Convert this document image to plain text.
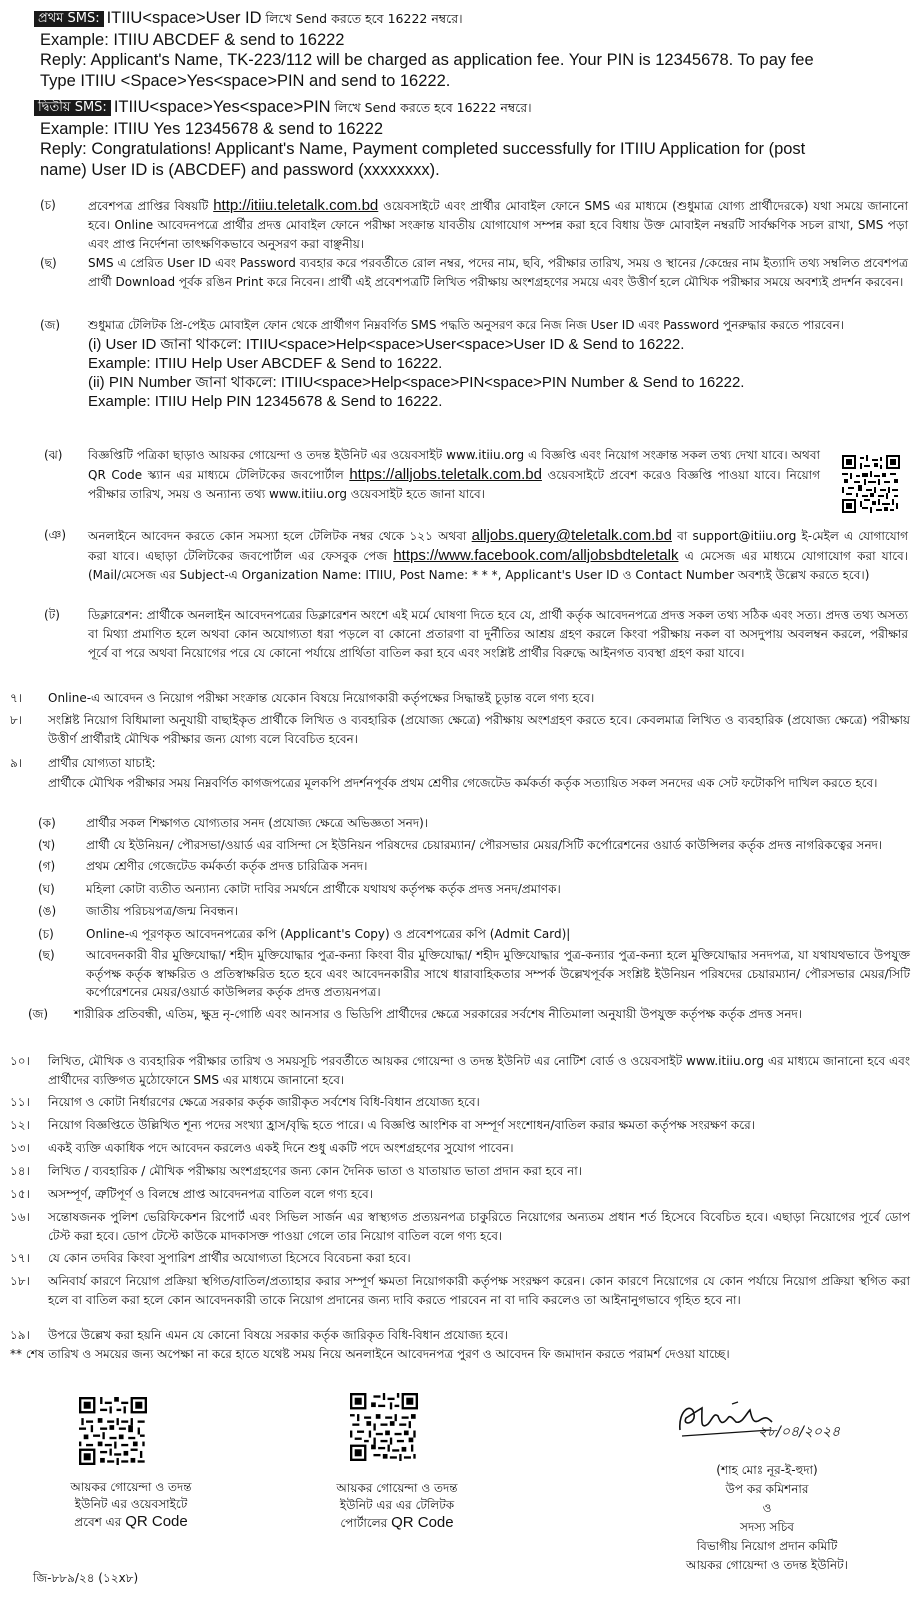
প্রথম SMS: ITIIU<space>User ID লিখে Send করতে হবে 16222 নম্বরে।
Example: ITIIU ABCDEF & send to 16222
Reply: Applicant's Name, TK-223/112 will be charged as application fee. Your PIN is 12345678. To pay fee
Type ITIIU <Space>Yes<space>PIN and send to 16222.
দ্বিতীয় SMS: ITIIU<space>Yes<space>PIN লিখে Send করতে হবে 16222 নম্বরে।
Example: ITIIU Yes 12345678 & send to 16222
Reply: Congratulations! Applicant's Name, Payment completed successfully for ITIIU Application for (post
name) User ID is (ABCDEF) and password (xxxxxxxx).
(চ)	প্রবেশপত্র প্রাপ্তির বিষয়টি http://itiiu.teletalk.com.bd ওয়েবসাইটে এবং প্রার্থীর মোবাইল ফোনে SMS এর মাধ্যমে (শুধুমাত্র যোগ্য প্রার্থীদেরকে) যথা সময়ে জানানো হবে। Online আবেদনপত্রে প্রার্থীর প্রদত্ত মোবাইল ফোনে পরীক্ষা সংক্রান্ত যাবতীয় যোগাযোগ সম্পন্ন করা হবে বিধায় উক্ত মোবাইল নম্বরটি সার্বক্ষণিক সচল রাখা, SMS পড়া এবং প্রাপ্ত নির্দেশনা তাৎক্ষণিকভাবে অনুসরণ করা বাঞ্ছনীয়।
(ছ)	SMS এ প্রেরিত User ID এবং Password ব্যবহার করে পরবর্তীতে রোল নম্বর, পদের নাম, ছবি, পরীক্ষার তারিখ, সময় ও স্থানের /কেন্দ্রের নাম ইত্যাদি তথ্য সম্বলিত প্রবেশপত্র প্রার্থী Download পূর্বক রঙিন Print করে নিবেন। প্রার্থী এই প্রবেশপত্রটি লিখিত পরীক্ষায় অংশগ্রহণের সময়ে এবং উত্তীর্ণ হলে মৌখিক পরীক্ষার সময়ে অবশ্যই প্রদর্শন করবেন।
(জ) শুধুমাত্র টেলিটক প্রি-পেইড মোবাইল ফোন থেকে প্রার্থীগণ নিম্নবর্ণিত SMS পদ্ধতি অনুসরণ করে নিজ নিজ User ID এবং Password পুনরুদ্ধার করতে পারবেন।
(i) User ID জানা থাকলে: ITIIU<space>Help<space>User<space>User ID & Send to 16222.
Example: ITIIU Help User ABCDEF & Send to 16222.
(ii) PIN Number জানা থাকলে: ITIIU<space>Help<space>PIN<space>PIN Number & Send to 16222.
Example: ITIIU Help PIN 12345678 & Send to 16222.
(ঝ) বিজ্ঞপ্তিটি পত্রিকা ছাড়াও আয়কর গোয়েন্দা ও তদন্ত ইউনিট এর ওয়েবসাইট www.itiiu.org এ বিজ্ঞপ্তি এবং নিয়োগ সংক্রান্ত সকল তথ্য দেখা যাবে। অথবা QR Code স্ক্যান এর মাধ্যমে টেলিটকের জবপোর্টাল https://alljobs.teletalk.com.bd ওয়েবসাইটে প্রবেশ করেও বিজ্ঞপ্তি পাওয়া যাবে। নিয়োগ পরীক্ষার তারিখ, সময় ও অন্যান্য তথ্য www.itiiu.org ওয়েবসাইট হতে জানা যাবে।
(ঞ) অনলাইনে আবেদন করতে কোন সমস্যা হলে টেলিটক নম্বর থেকে ১২১ অথবা alljobs.query@teletalk.com.bd বা support@itiiu.org ই-মেইল এ যোগাযোগ করা যাবে। এছাড়া টেলিটকের জবপোর্টাল এর ফেসবুক পেজ https://www.facebook.com/alljobsbdteletalk এ মেসেজ এর মাধ্যমে যোগাযোগ করা যাবে। (Mail/মেসেজ এর Subject-এ Organization Name: ITIIU, Post Name: * * *, Applicant's User ID ও Contact Number অবশ্যই উল্লেখ করতে হবে।)
(ট) ডিক্লারেশন: প্রার্থীকে অনলাইন আবেদনপত্রের ডিক্লারেশন অংশে এই মর্মে ঘোষণা দিতে হবে যে, প্রার্থী কর্তৃক আবেদনপত্রে প্রদত্ত সকল তথ্য সঠিক এবং সত্য। প্রদত্ত তথ্য অসত্য বা মিথ্যা প্রমাণিত হলে অথবা কোন অযোগ্যতা ধরা পড়লে বা কোনো প্রতারণা বা দুর্নীতির আশ্রয় গ্রহণ করলে কিংবা পরীক্ষায় নকল বা অসদুপায় অবলম্বন করলে, পরীক্ষার পূর্বে বা পরে অথবা নিয়োগের পরে যে কোনো পর্যায়ে প্রার্থিতা বাতিল করা হবে এবং সংশ্লিষ্ট প্রার্থীর বিরুদ্ধে আইনগত ব্যবস্থা গ্রহণ করা যাবে।
৭। Online-এ আবেদন ও নিয়োগ পরীক্ষা সংক্রান্ত যেকোন বিষয়ে নিয়োগকারী কর্তৃপক্ষের সিদ্ধান্তই চূড়ান্ত বলে গণ্য হবে।
৮। সংশ্লিষ্ট নিয়োগ বিধিমালা অনুযায়ী বাছাইকৃত প্রার্থীকে লিখিত ও ব্যবহারিক (প্রযোজ্য ক্ষেত্রে) পরীক্ষায় অংশগ্রহণ করতে হবে। কেবলমাত্র লিখিত ও ব্যবহারিক (প্রযোজ্য ক্ষেত্রে) পরীক্ষায় উত্তীর্ণ প্রার্থীরাই মৌখিক পরীক্ষার জন্য যোগ্য বলে বিবেচিত হবেন।
৯। প্রার্থীর যোগ্যতা যাচাই:
প্রার্থীকে মৌখিক পরীক্ষার সময় নিম্নবর্ণিত কাগজপত্রের মূলকপি প্রদর্শনপূর্বক প্রথম শ্রেণীর গেজেটেড কর্মকর্তা কর্তৃক সত্যায়িত সকল সনদের এক সেট ফটোকপি দাখিল করতে হবে।
(ক)	প্রার্থীর সকল শিক্ষাগত যোগ্যতার সনদ (প্রযোজ্য ক্ষেত্রে অভিজ্ঞতা সনদ)।
(খ)	প্রার্থী যে ইউনিয়ন/ পৌরসভা/ওয়ার্ড এর বাসিন্দা সে ইউনিয়ন পরিষদের চেয়ারম্যান/ পৌরসভার মেয়র/সিটি কর্পোরেশনের ওয়ার্ড কাউন্সিলর কর্তৃক প্রদত্ত নাগরিকত্বের সনদ।
(গ)	প্রথম শ্রেণীর গেজেটেড কর্মকর্তা কর্তৃক প্রদত্ত চারিত্রিক সনদ।
(ঘ)	মহিলা কোটা ব্যতীত অন্যান্য কোটা দাবির সমর্থনে প্রার্থীকে যথাযথ কর্তৃপক্ষ কর্তৃক প্রদত্ত সনদ/প্রমাণক।
(ঙ) জাতীয় পরিচয়পত্র/জন্ম নিবন্ধন।
(চ)	Online-এ পূরণকৃত আবেদনপত্রের কপি (Applicant's Copy) ও প্রবেশপত্রের কপি (Admit Card)|
(ছ)	আবেদনকারী বীর মুক্তিযোদ্ধা/ শহীদ মুক্তিযোদ্ধার পুত্র-কন্যা কিংবা বীর মুক্তিযোদ্ধা/ শহীদ মুক্তিযোদ্ধার পুত্র-কন্যার পুত্র-কন্যা হলে মুক্তিযোদ্ধার সনদপত্র, যা যথাযথভাবে উপযুক্ত কর্তৃপক্ষ কর্তৃক স্বাক্ষরিত ও প্রতিস্বাক্ষরিত হতে হবে এবং আবেদনকারীর সাথে ধারাবাহিকতার সম্পর্ক উল্লেখপূর্বক সংশ্লিষ্ট ইউনিয়ন পরিষদের চেয়ারম্যান/ পৌরসভার মেয়র/সিটি কর্পোরেশনের মেয়র/ওয়ার্ড কাউন্সিলর কর্তৃক প্রদত্ত প্রত্যয়নপত্র।
(জ) শারীরিক প্রতিবন্ধী, এতিম, ক্ষুদ্র নৃ-গোষ্ঠি এবং আনসার ও ভিডিপি প্রার্থীদের ক্ষেত্রে সরকারের সর্বশেষ নীতিমালা অনুযায়ী উপযুক্ত কর্তৃপক্ষ কর্তৃক প্রদত্ত সনদ।
১০। লিখিত, মৌখিক ও ব্যবহারিক পরীক্ষার তারিখ ও সময়সূচি পরবর্তীতে আয়কর গোয়েন্দা ও তদন্ত ইউনিট এর নোটিশ বোর্ড ও ওয়েবসাইট www.itiiu.org এর মাধ্যমে জানানো হবে এবং প্রার্থীদের ব্যক্তিগত মুঠোফোনে SMS এর মাধ্যমে জানানো হবে।
১১। নিয়োগ ও কোটা নির্ধারণের ক্ষেত্রে সরকার কর্তৃক জারীকৃত সর্বশেষ বিধি-বিধান প্রযোজ্য হবে।
১২। নিয়োগ বিজ্ঞপ্তিতে উল্লিখিত শূন্য পদের সংখ্যা হ্রাস/বৃদ্ধি হতে পারে। এ বিজ্ঞপ্তি আংশিক বা সম্পূর্ণ সংশোধন/বাতিল করার ক্ষমতা কর্তৃপক্ষ সংরক্ষণ করে।
১৩। একই ব্যক্তি একাধিক পদে আবেদন করলেও একই দিনে শুধু একটি পদে অংশগ্রহণের সুযোগ পাবেন।
১৪। লিখিত / ব্যবহারিক / মৌখিক পরীক্ষায় অংশগ্রহণের জন্য কোন দৈনিক ভাতা ও যাতায়াত ভাতা প্রদান করা হবে না।
১৫। অসম্পূর্ণ, ত্রুটিপূর্ণ ও বিলম্বে প্রাপ্ত আবেদনপত্র বাতিল বলে গণ্য হবে।
১৬। সন্তোষজনক পুলিশ ভেরিফিকেশন রিপোর্ট এবং সিভিল সার্জন এর স্বাস্থ্যগত প্রত্যয়নপত্র চাকুরিতে নিয়োগের অন্যতম প্রধান শর্ত হিসেবে বিবেচিত হবে। এছাড়া নিয়োগের পূর্বে ডোপ টেস্ট করা হবে। ডোপ টেস্টে কাউকে মাদকাসক্ত পাওয়া গেলে তার নিয়োগ বাতিল বলে গণ্য হবে।
১৭। যে কোন তদবির কিংবা সুপারিশ প্রার্থীর অযোগ্যতা হিসেবে বিবেচনা করা হবে।
১৮। অনিবার্য কারণে নিয়োগ প্রক্রিয়া স্থগিত/বাতিল/প্রত্যাহার করার সম্পূর্ণ ক্ষমতা নিয়োগকারী কর্তৃপক্ষ সংরক্ষণ করেন। কোন কারণে নিয়োগের যে কোন পর্যায়ে নিয়োগ প্রক্রিয়া স্থগিত করা হলে বা বাতিল করা হলে কোন আবেদনকারী তাকে নিয়োগ প্রদানের জন্য দাবি করতে পারবেন না বা দাবি করলেও তা আইনানুগভাবে গৃহিত হবে না।
১৯। উপরে উল্লেখ করা হয়নি এমন যে কোনো বিষয়ে সরকার কর্তৃক জারিকৃত বিধি-বিধান প্রযোজ্য হবে।
** শেষ তারিখ ও সময়ের জন্য অপেক্ষা না করে হাতে যথেষ্ট সময় নিয়ে অনলাইনে আবেদনপত্র পুরণ ও আবেদন ফি জমাদান করতে পরামর্শ দেওয়া যাচ্ছে।
আয়কর গোয়েন্দা ও তদন্ত
ইউনিট এর ওয়েবসাইটে
প্রবেশ এর QR Code
আয়কর গোয়েন্দা ও তদন্ত
ইউনিট এর এর টেলিটক
পোর্টালের QR Code
২৮/০৪/২০২৪
(শাহ মোঃ নূর-ই-হুদা)
উপ কর কমিশনার
ও
সদস্য সচিব
বিভাগীয় নিয়োগ প্রদান কমিটি
আয়কর গোয়েন্দা ও তদন্ত ইউনিট।
জি-৮৮৯/২৪ (১২x৮)
